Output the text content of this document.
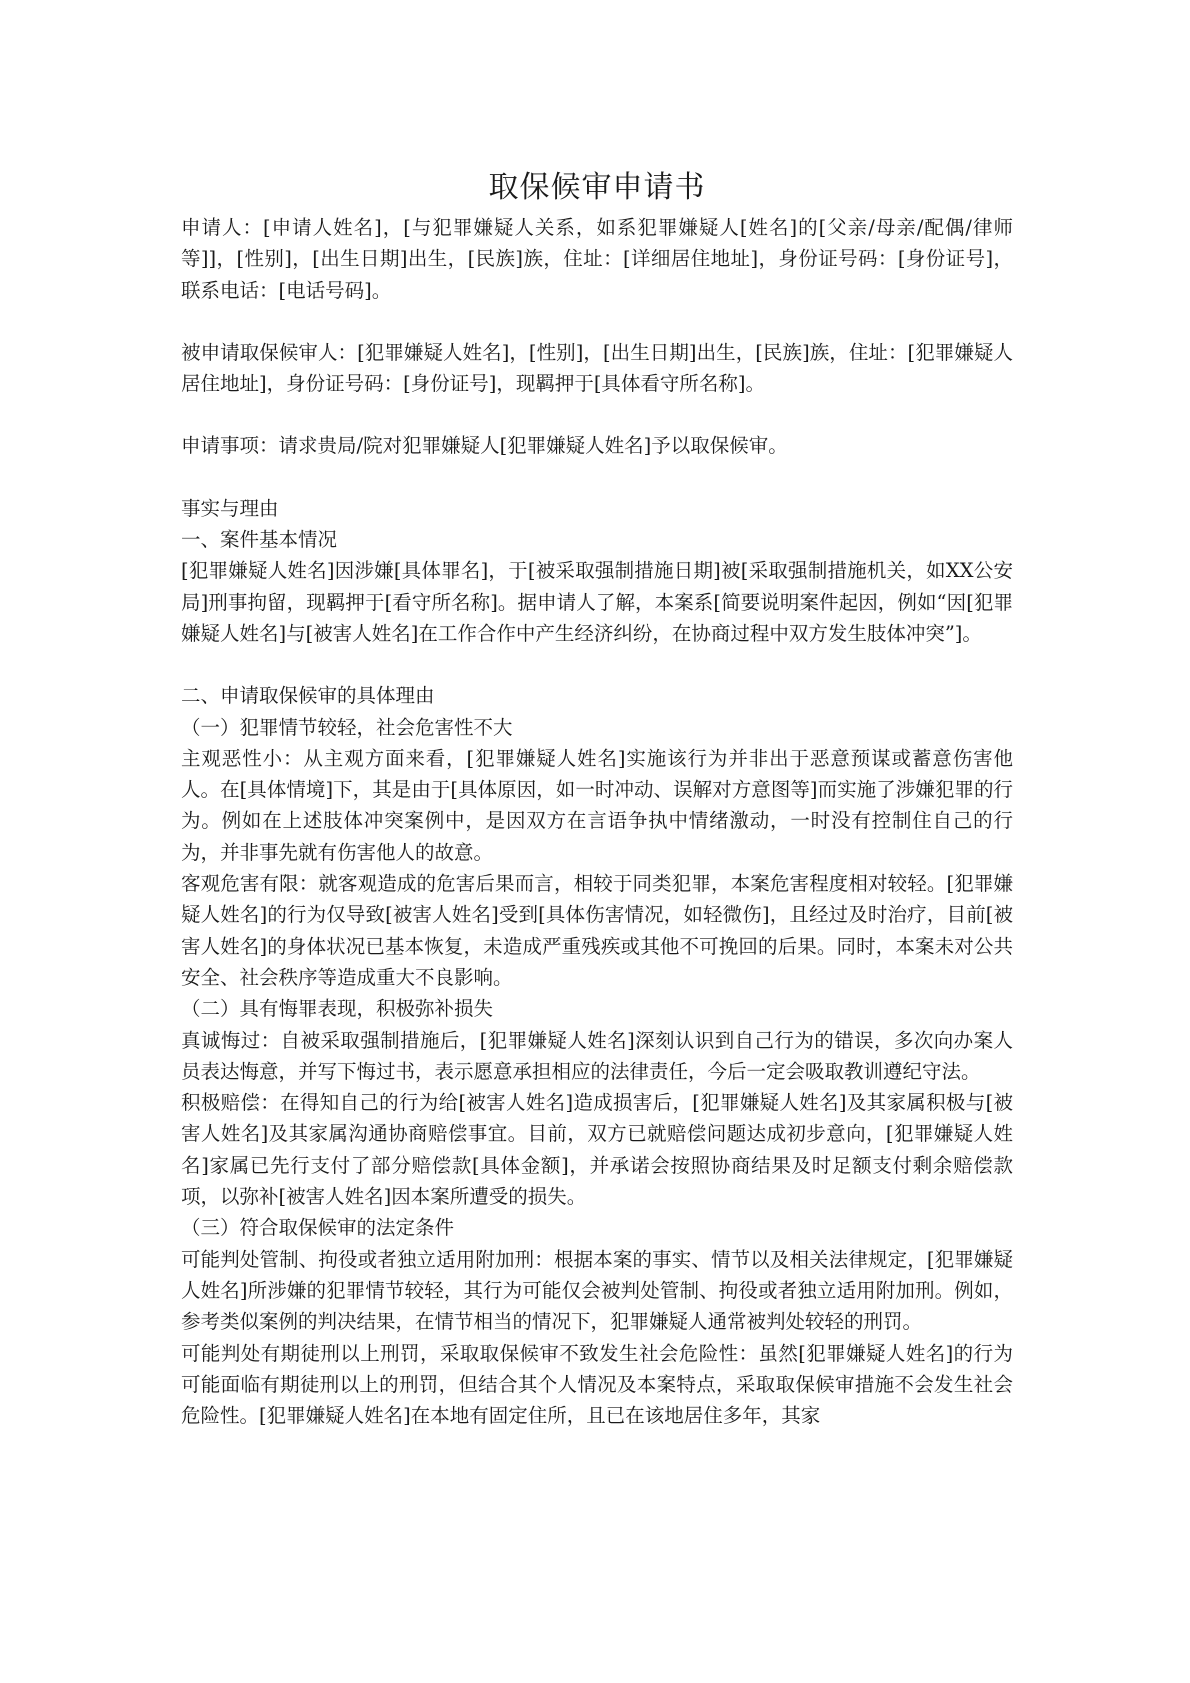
取保候审申请书

申请人：[申请人姓名]，[与犯罪嫌疑人关系，如系犯罪嫌疑人[姓名]的[父亲/母亲/配偶/律师等]]，[性别]，[出生日期]出生，[民族]族，住址：[详细居住地址]，身份证号码：[身份证号]，联系电话：[电话号码]。

被申请取保候审人：[犯罪嫌疑人姓名]，[性别]，[出生日期]出生，[民族]族，住址：[犯罪嫌疑人居住地址]，身份证号码：[身份证号]，现羁押于[具体看守所名称]。

申请事项：请求贵局/院对犯罪嫌疑人[犯罪嫌疑人姓名]予以取保候审。

事实与理由

一、案件基本情况

[犯罪嫌疑人姓名]因涉嫌[具体罪名]，于[被采取强制措施日期]被[采取强制措施机关，如XX公安局]刑事拘留，现羁押于[看守所名称]。据申请人了解，本案系[简要说明案件起因，例如“因[犯罪嫌疑人姓名]与[被害人姓名]在工作合作中产生经济纠纷，在协商过程中双方发生肢体冲突”]。

二、申请取保候审的具体理由

（一）犯罪情节较轻，社会危害性不大

主观恶性小：从主观方面来看，[犯罪嫌疑人姓名]实施该行为并非出于恶意预谋或蓄意伤害他人。在[具体情境]下，其是由于[具体原因，如一时冲动、误解对方意图等]而实施了涉嫌犯罪的行为。例如在上述肢体冲突案例中，是因双方在言语争执中情绪激动，一时没有控制住自己的行为，并非事先就有伤害他人的故意。

客观危害有限：就客观造成的危害后果而言，相较于同类犯罪，本案危害程度相对较轻。[犯罪嫌疑人姓名]的行为仅导致[被害人姓名]受到[具体伤害情况，如轻微伤]，且经过及时治疗，目前[被害人姓名]的身体状况已基本恢复，未造成严重残疾或其他不可挽回的后果。同时，本案未对公共安全、社会秩序等造成重大不良影响。

（二）具有悔罪表现，积极弥补损失

真诚悔过：自被采取强制措施后，[犯罪嫌疑人姓名]深刻认识到自己行为的错误，多次向办案人员表达悔意，并写下悔过书，表示愿意承担相应的法律责任，今后一定会吸取教训遵纪守法。

积极赔偿：在得知自己的行为给[被害人姓名]造成损害后，[犯罪嫌疑人姓名]及其家属积极与[被害人姓名]及其家属沟通协商赔偿事宜。目前，双方已就赔偿问题达成初步意向，[犯罪嫌疑人姓名]家属已先行支付了部分赔偿款[具体金额]，并承诺会按照协商结果及时足额支付剩余赔偿款项，以弥补[被害人姓名]因本案所遭受的损失。

（三）符合取保候审的法定条件

可能判处管制、拘役或者独立适用附加刑：根据本案的事实、情节以及相关法律规定，[犯罪嫌疑人姓名]所涉嫌的犯罪情节较轻，其行为可能仅会被判处管制、拘役或者独立适用附加刑。例如，参考类似案例的判决结果，在情节相当的情况下，犯罪嫌疑人通常被判处较轻的刑罚。

可能判处有期徒刑以上刑罚，采取取保候审不致发生社会危险性：虽然[犯罪嫌疑人姓名]的行为可能面临有期徒刑以上的刑罚，但结合其个人情况及本案特点，采取取保候审措施不会发生社会危险性。[犯罪嫌疑人姓名]在本地有固定住所，且已在该地居住多年，其家
